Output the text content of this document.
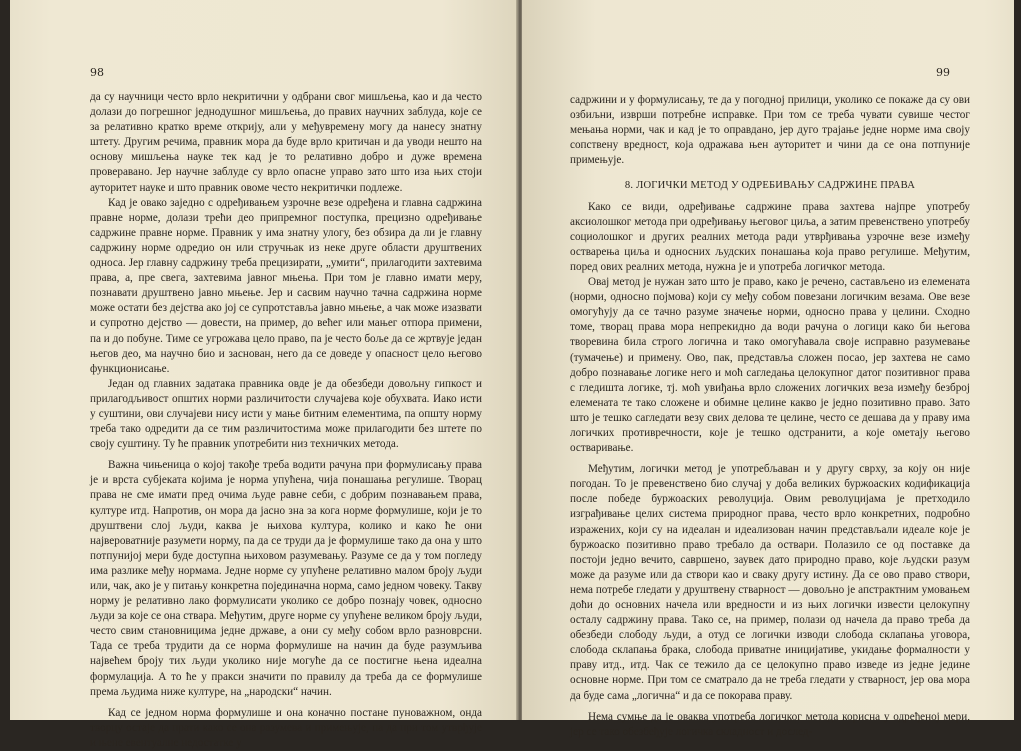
98

да су научници често врло некритични у одбрани свог мишљења, као и да често долази до погрешног једнодушног мишљења, до правих научних заблуда, које се за релативно кратко време открију, али у међувремену могу да нанесу знатну штету. Другим речима, правник мора да буде врло критичан и да уводи нешто на основу мишљења науке тек кад је то релативно добро и дуже времена проверавано. Јер научне заблуде су врло опасне управо зато што иза њих стоји ауторитет науке и што правник овоме често некритички подлеже.

Кад је овако заједно с одређивањем узрочне везе одређена и главна садржина правне норме, долази трећи део припремног поступка, прецизно одређивање садржине правне норме. Правник у има знатну улогу, без обзира да ли је главну садржину норме одредио он или стручњак из неке друге области друштвених односа. Јер главну садржину треба прецизирати, „умити“, прилагодити захтевима права, а, пре свега, захтевима јавног мњења. При том је главно имати меру, познавати друштвено јавно мњење. Јер и сасвим научно тачна садржина норме може остати без дејства ако јој се супротставља јавно мњење, а чак може изазвати и супротно дејство — довести, на пример, до већег или мањег отпора примени, па и до побуне. Тиме се угрожава цело право, па је често боље да се жртвује један његов део, ма научно био и заснован, него да се доведе у опасност цело његово функционисање.

Један од главних задатака правника овде је да обезбеди довољну гипкост и прилагодљивост општих норми различитости случајева које обухвата. Иако исти у суштини, ови случајеви нису исти у мање битним елементима, па општу норму треба тако одредити да се тим различитостима може прилагодити без штете по своју суштину. Ту ће правник употребити низ техничких метода.

Важна чињеница о којој такође треба водити рачуна при формулисању права је и врста субјеката којима је норма упућена, чија понашања регулише. Творац права не сме имати пред очима људе равне себи, с добрим познавањем права, културе итд. Напротив, он мора да јасно зна за кога норме формулише, који је то друштвени слој људи, каква је њихова култура, колико и како ће они највероватније разумети норму, па да се труди да је формулише тако да она у што потпунијој мери буде доступна њиховом разумевању. Разуме се да у том погледу има разлике међу нормама. Једне норме су упућене релативно малом броју људи или, чак, ако је у питању конкретна појединачна норма, само једном човеку. Такву норму је релативно лако формулисати уколико се добро познају човек, односно људи за које се она ствара. Међутим, друге норме су упућене великом броју људи, често свим становницима једне државе, а они су међу собом врло разноврсни. Тада се треба трудити да се норма формулише на начин да буде разумљива највећем броју тих људи уколико није могуће да се постигне њена идеална формулација. А то ће у пракси значити по правилу да треба да се формулише према људима ниже културе, на „народски“ начин.

Кад се једном норма формулише и она коначно постане пуноважном, онда творцу остаје да прати како се она разумева и примењује, па да при том утврђује и њене евентуалне недостатке у

99

садржини и у формулисању, те да у погодној прилици, уколико се покаже да су ови озбиљни, изврши потребне исправке. При том се треба чувати сувише честог мењања норми, чак и кад је то оправдано, јер дуго трајање једне норме има своју сопствену вредност, која одражава њен ауторитет и чини да се она потпуније примењује.

8. ЛОГИЧКИ МЕТОД У ОДРЕБИВАЊУ САДРЖИНЕ ПРАВА

Како се види, одређивање садржине права захтева најпре употребу аксиолошког метода при одређивању његовог циља, а затим превенствено употребу социолошког и других реалних метода ради утврђивања узрочне везе између остварења циља и односних људских понашања која право регулише. Међутим, поред ових реалних метода, нужна је и употреба логичког метода.

Овај метод је нужан зато што је право, како је речено, састављено из елемената (норми, односно појмова) који су међу собом повезани логичким везама. Ове везе омогућују да се тачно разуме значење норми, односно права у целини. Сходно томе, творац права мора непрекидно да води рачуна о логици како би његова творевина била строго логична и тако омогућавала своје исправно разумевање (тумачење) и примену. Ово, пак, представља сложен посао, јер захтева не само добро познавање логике него и моћ сагледања целокупног датог позитивног права с гледишта логике, тј. моћ увиђања врло сложених логичких веза између безброј елемената те тако сложене и обимне целине какво је једно позитивно право. Зато што је тешко сагледати везу свих делова те целине, често се дешава да у праву има логичких противречности, које је тешко одстранити, а које ометају његово остваривање.

Међутим, логички метод је употребљаван и у другу сврху, за коју он није погодан. То је превенствено био случај у доба великих буржоаских кодификација после победе буржоаских револуција. Овим револуцијама је претходило изграђивање целих система природног права, често врло конкретних, подробно изражених, који су на идеалан и идеализован начин представљали идеале које је буржоаско позитивно право требало да оствари. Полазило се од поставке да постоји једно вечито, савршено, заувек дато природно право, које људски разум може да разуме или да створи као и сваку другу истину. Да се ово право створи, нема потребе гледати у друштвену стварност — довољно је апстрактним умовањем доћи до основних начела или вредности и из њих логички извести целокупну осталу садржину права. Тако се, на пример, полази од начела да право треба да обезбеди слободу људи, а отуд се логички изводи слобода склапања уговора, слобода склапања брака, слобода приватне иницијативе, укидање формалности у праву итд., итд. Чак се тежило да се целокупно право изведе из једне једине основне норме. При том се сматрало да не треба гледати у стварност, јер ова мора да буде сама „логична“ и да се покорава праву.

Нема сумње да је оваква употреба логичког метода корисна у одређеној мери, јер се тако обезбеђује логичка складност и дослед-
